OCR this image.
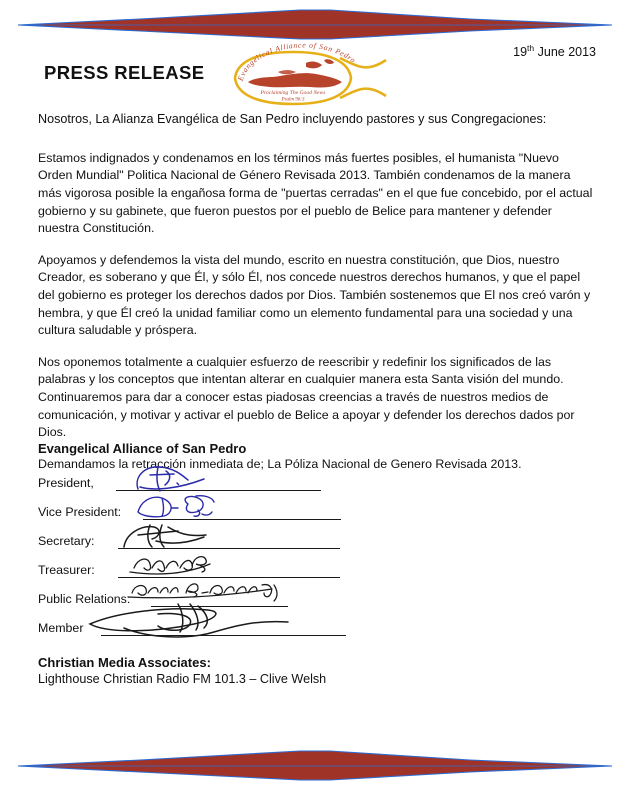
PRESS RELEASE
19th June 2013
Evangelical Alliance of San Pedro
Proclaiming The Good News
Psalm 96:3

Nosotros, La Alianza Evangélica de San Pedro incluyendo pastores y sus Congregaciones:

Estamos indignados y condenamos en los términos más fuertes posibles, el humanista "Nuevo Orden Mundial" Politica Nacional de Género Revisada 2013. También condenamos de la manera más vigorosa posible la engañosa forma de "puertas cerradas" en el que fue concebido, por el actual gobierno y su gabinete, que fueron puestos por el pueblo de Belice para mantener y defender nuestra Constitución.

Apoyamos y defendemos la vista del mundo, escrito en nuestra constitución, que Dios, nuestro Creador, es soberano y que Él, y sólo Él, nos concede nuestros derechos humanos, y que el papel del gobierno es proteger los derechos dados por Dios. También sostenemos que El nos creó varón y hembra, y que Él creó la unidad familiar como un elemento fundamental para una sociedad y una cultura saludable y próspera.

Nos oponemos totalmente a cualquier esfuerzo de reescribir y redefinir los significados de las palabras y los conceptos que intentan alterar en cualquier manera esta Santa visión del mundo. Continuaremos para dar a conocer estas piadosas creencias a través de nuestros medios de comunicación, y motivar y activar el pueblo de Belice a apoyar y defender los derechos dados por Dios.

Demandamos la retracción inmediata de; La Póliza Nacional de Genero Revisada 2013.

Evangelical Alliance of San Pedro
President,
Vice President:
Secretary:
Treasurer:
Public Relations:
Member
Christian Media Associates:
Lighthouse Christian Radio FM 101.3 – Clive Welsh
